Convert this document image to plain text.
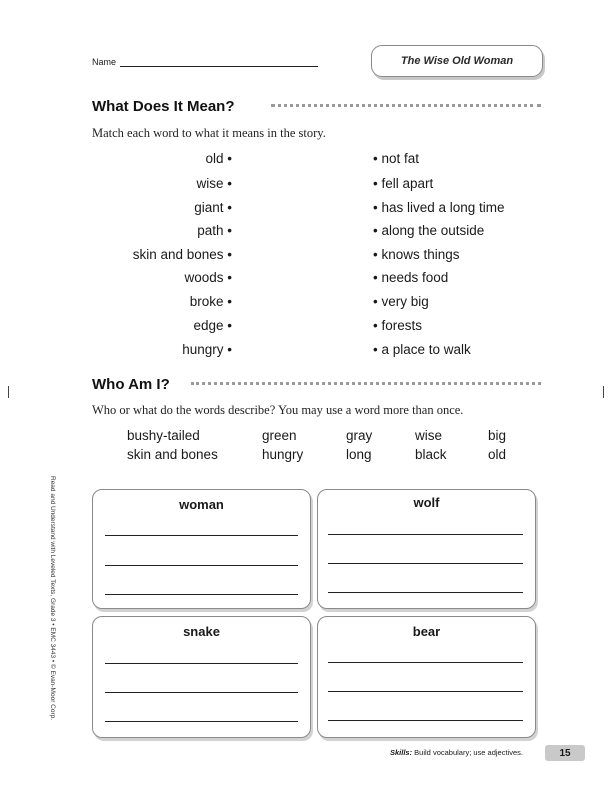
Name	The Wise Old Woman
What Does It Mean?
Match each word to what it means in the story.
old •
wise •
giant •
path •
skin and bones •
woods •
broke •
edge •
hungry •
• not fat
• fell apart
• has lived a long time
• along the outside
• knows things
• needs food
• very big
• forests
• a place to walk
Who Am I?
Who or what do the words describe? You may use a word more than once.
bushy-tailed	green	gray	wise	big
skin and bones	hungry	long	black	old
woman	wolf
snake	bear
Read and Understand with Leveled Texts, Grade 3 • EMC 3443 • © Evan-Moor Corp.
Skills: Build vocabulary; use adjectives.	15
